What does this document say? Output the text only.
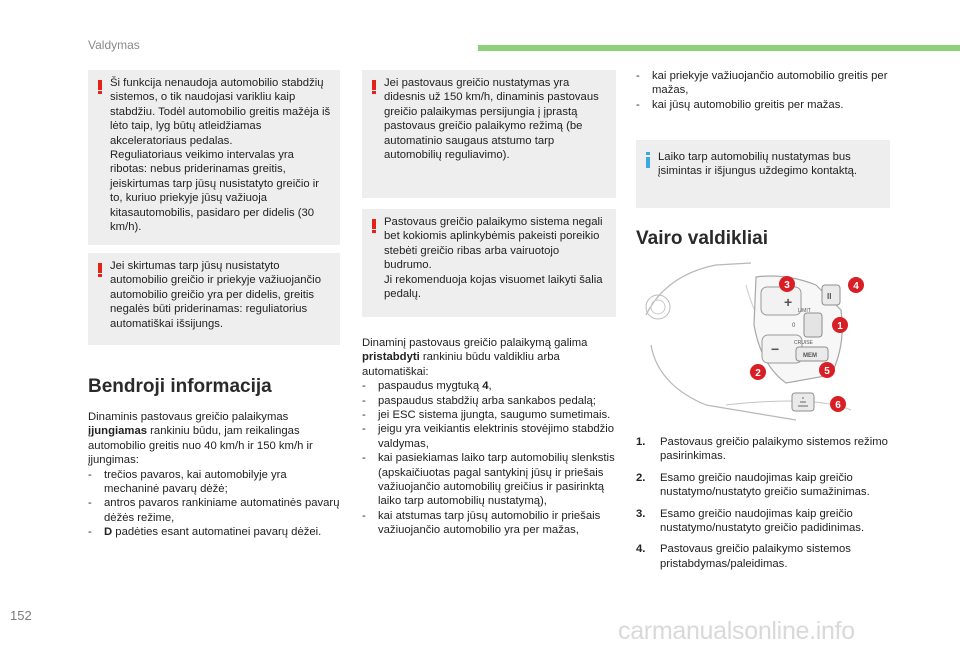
Valdymas

Ši funkcija nenaudoja automobilio stabdžių sistemos, o tik naudojasi varikliu kaip stabdžiu. Todėl automobilio greitis mažėja iš lėto taip, lyg būtų atleidžiamas akceleratoriaus pedalas.

Reguliatoriaus veikimo intervalas yra ribotas: nebus priderinamas greitis, jeiskirtumas tarp jūsų nusistatyto greičio ir to, kuriuo priekyje jūsų važiuoja kitasautomobilis, pasidaro per didelis (30 km/h).

Jei skirtumas tarp jūsų nusistatyto automobilio greičio ir priekyje važiuojančio automobilio greičio yra per didelis, greitis negalės būti priderinamas: reguliatorius automatiškai išsijungs.
Bendroji informacija

Dinaminis pastovaus greičio palaikymas įjungiamas rankiniu būdu, jam reikalingas automobilio greitis nuo 40 km/h ir 150 km/h ir įjungimas:

- trečios pavaros, kai automobilyje yra mechaninė pavarų dėžė;
- antros pavaros rankiniame automatinės pavarų dėžės režime,
- D padėties esant automatinei pavarų dėžei.
Jei pastovaus greičio nustatymas yra didesnis už 150 km/h, dinaminis pastovaus greičio palaikymas persijungia į įprastą pastovaus greičio palaikymo režimą (be automatinio saugaus atstumo tarp automobilių reguliavimo).

Pastovaus greičio palaikymo sistema negali bet kokiomis aplinkybėmis pakeisti poreikio stebėti greičio ribas arba vairuotojo budrumo.

Ji rekomenduoja kojas visuomet laikyti šalia pedalų.

Dinaminį pastovaus greičio palaikymą galima pristabdyti rankiniu būdu valdikliu arba automatiškai:

- paspaudus mygtuką 4,
- paspaudus stabdžių arba sankabos pedalą;
- jei ESC sistema įjungta, saugumo sumetimais.
- jeigu yra veikiantis elektrinis stovėjimo stabdžio valdymas,
- kai pasiekiamas laiko tarp automobilių slenkstis (apskaičiuotas pagal santykinį jūsų ir priešais važiuojančio automobilių greičius ir pasirinktą laiko tarp automobilių nustatymą),
- kai atstumas tarp jūsų automobilio ir priešais važiuojančio automobilio yra per mažas,
- kai priekyje važiuojančio automobilio greitis per mažas,
- kai jūsų automobilio greitis per mažas.
Laiko tarp automobilių nustatymas bus įsimintas ir išjungus uždegimo kontaktą.
Vairo valdikliai
+
−
LIMIT
CRUISE
0
II
MEM
1
2
3	4
5
6
1. Pastovaus greičio palaikymo sistemos režimo pasirinkimas.
2. Esamo greičio naudojimas kaip greičio nustatymo/nustatyto greičio sumažinimas.
3. Esamo greičio naudojimas kaip greičio nustatymo/nustatyto greičio padidinimas.
4. Pastovaus greičio palaikymo sistemos pristabdymas/paleidimas.
152
carmanualsonline.info
